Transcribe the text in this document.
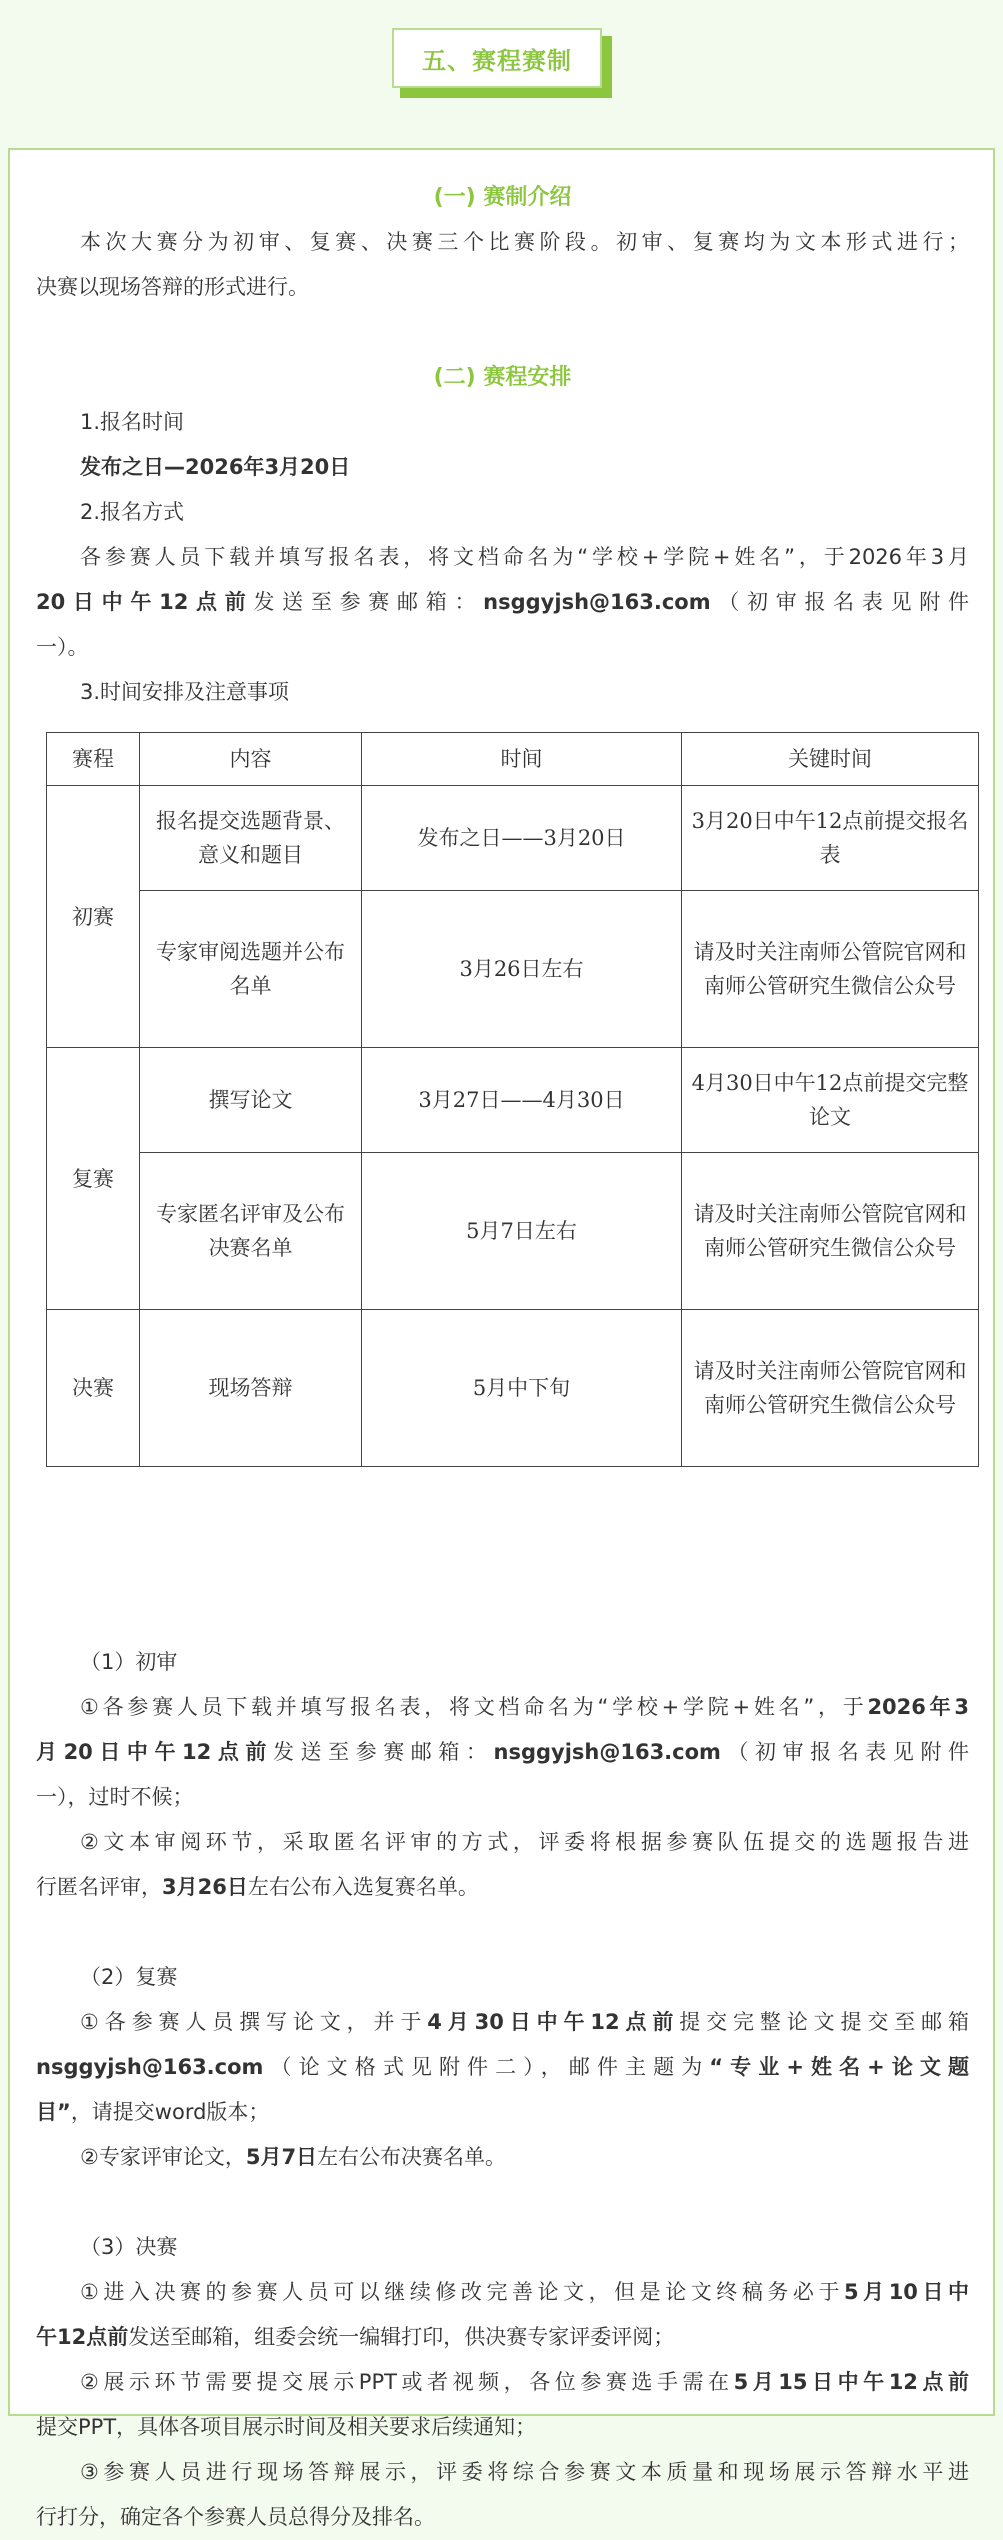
五、赛程赛制
(一) 赛制介绍
本次大赛分为初审、复赛、决赛三个比赛阶段。初审、复赛均为文本形式进行；
决赛以现场答辩的形式进行。
(二) 赛程安排
1.报名时间
发布之日—2026年3月20日
2.报名方式
各参赛人员下载并填写报名表，将文档命名为“学校+学院+姓名”，于2026年3月
20日中午12点前发送至参赛邮箱：nsggyjsh@163.com（初审报名表见附件
一）。
3.时间安排及注意事项
赛程	内容	时间	关键时间
初赛	报名提交选题背景、意义和题目	发布之日——3月20日	3月20日中午12点前提交报名表
	专家审阅选题并公布名单	3月26日左右	请及时关注南师公管院官网和南师公管研究生微信公众号
复赛	撰写论文	3月27日——4月30日	4月30日中午12点前提交完整论文
	专家匿名评审及公布决赛名单	5月7日左右	请及时关注南师公管院官网和南师公管研究生微信公众号
决赛	现场答辩	5月中下旬	请及时关注南师公管院官网和南师公管研究生微信公众号
（1）初审
①各参赛人员下载并填写报名表，将文档命名为“学校+学院+姓名”，于2026年3
月20日中午12点前发送至参赛邮箱：nsggyjsh@163.com（初审报名表见附件
一），过时不候；
②文本审阅环节，采取匿名评审的方式，评委将根据参赛队伍提交的选题报告进
行匿名评审，3月26日左右公布入选复赛名单。
（2）复赛
①各参赛人员撰写论文，并于4月30日中午12点前提交完整论文提交至邮箱
nsggyjsh@163.com（论文格式见附件二），邮件主题为“专业+姓名+论文题
目”，请提交word版本；
②专家评审论文，5月7日左右公布决赛名单。
（3）决赛
①进入决赛的参赛人员可以继续修改完善论文，但是论文终稿务必于5月10日中
午12点前发送至邮箱，组委会统一编辑打印，供决赛专家评委评阅；
②展示环节需要提交展示PPT或者视频，各位参赛选手需在5月15日中午12点前
提交PPT，具体各项目展示时间及相关要求后续通知；
③参赛人员进行现场答辩展示，评委将综合参赛文本质量和现场展示答辩水平进
行打分，确定各个参赛人员总得分及排名。
